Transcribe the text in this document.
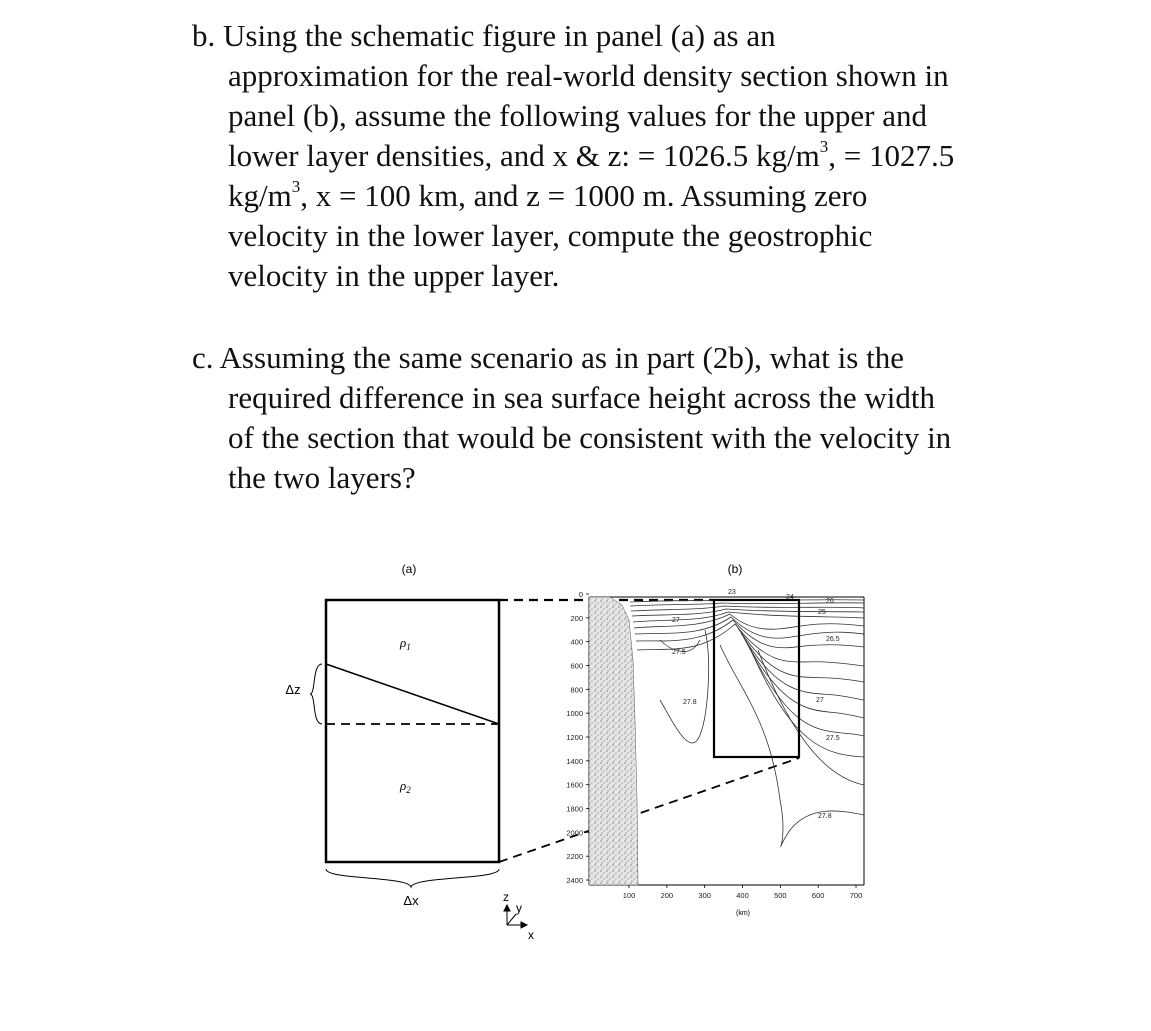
b. Using the schematic figure in panel (a) as an
approximation for the real-world density section shown in
panel (b), assume the following values for the upper and
lower layer densities, and x & z: = 1026.5 $kg/m^3$, = 1027.5
$kg/m^3$, x = 100 km, and z = 1000 m. Assuming zero
velocity in the lower layer, compute the geostrophic
velocity in the upper layer.
c. Assuming the same scenario as in part (2b), what is the
required difference in sea surface height across the width
of the section that would be consistent with the velocity in
the two layers?
(a)
$\rho_1$
$\rho_2$
Δz
Δx	z
y
x
(b)
23
24
25
26
27
26.5
27.5
27.8	27
27.5
27.8
0
200
400
600
800
1000
1200
1400
1600
1800
2000
2200
2400
100	200	300	400	500	600	700
(km)
